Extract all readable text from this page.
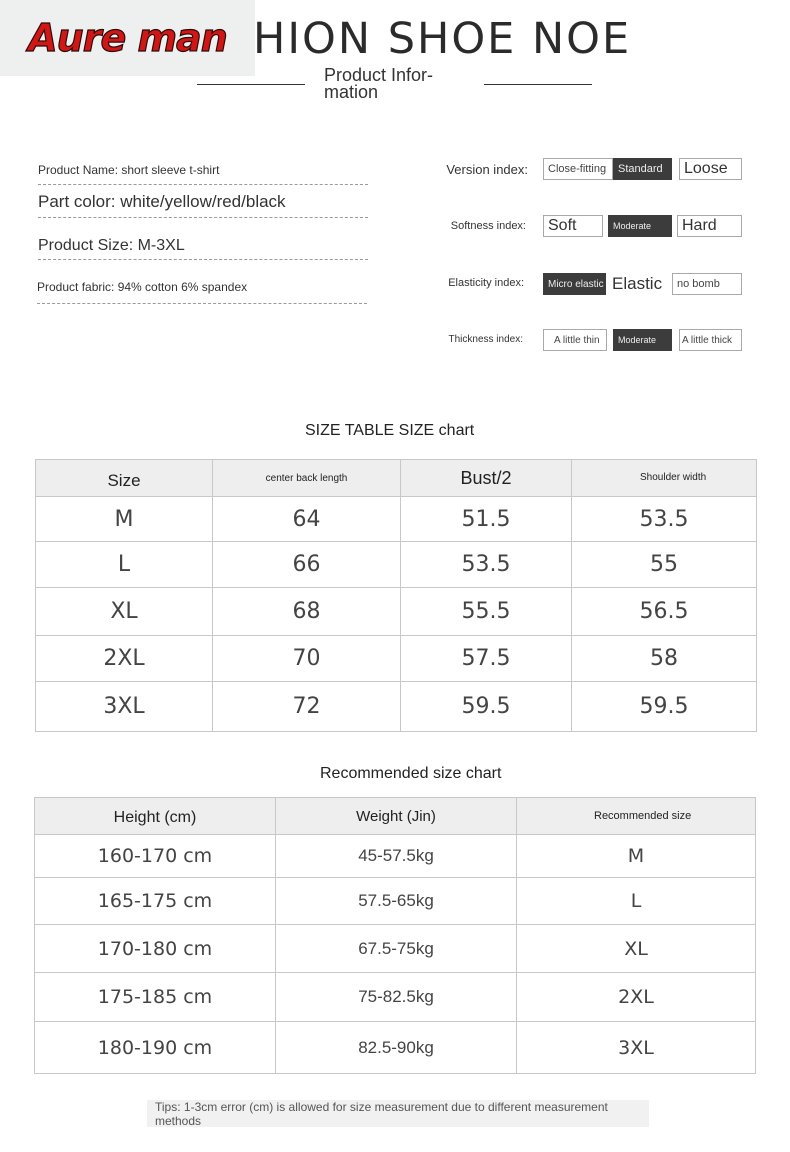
Aure man HION SHOE NOE
Product Infor-mation
Product Name: short sleeve t-shirt
Part color: white/yellow/red/black
Product Size: M-3XL
Product fabric: 94% cotton 6% spandex
Version index:	Close-fitting	Standard	Loose
Softness index:	Soft	Moderate	Hard
Elasticity index:	Micro elastic Elastic	no bomb
Thickness index:	A little thin	Moderate	A little thick
SIZE TABLE SIZE chart
Size	center back length	Bust/2	Shoulder width
M	64	51.5	53.5
L	66	53.5	55
XL	68	55.5	56.5
2XL	70	57.5	58
3XL	72	59.5	59.5
Recommended size chart
Height (cm)	Weight (Jin)	Recommended size
160-170 cm	45-57.5kg	M
165-175 cm	57.5-65kg	L
170-180 cm	67.5-75kg	XL
175-185 cm	75-82.5kg	2XL
180-190 cm	82.5-90kg	3XL
Tips: 1-3cm error (cm) is allowed for size measurement due to different measurement methods
